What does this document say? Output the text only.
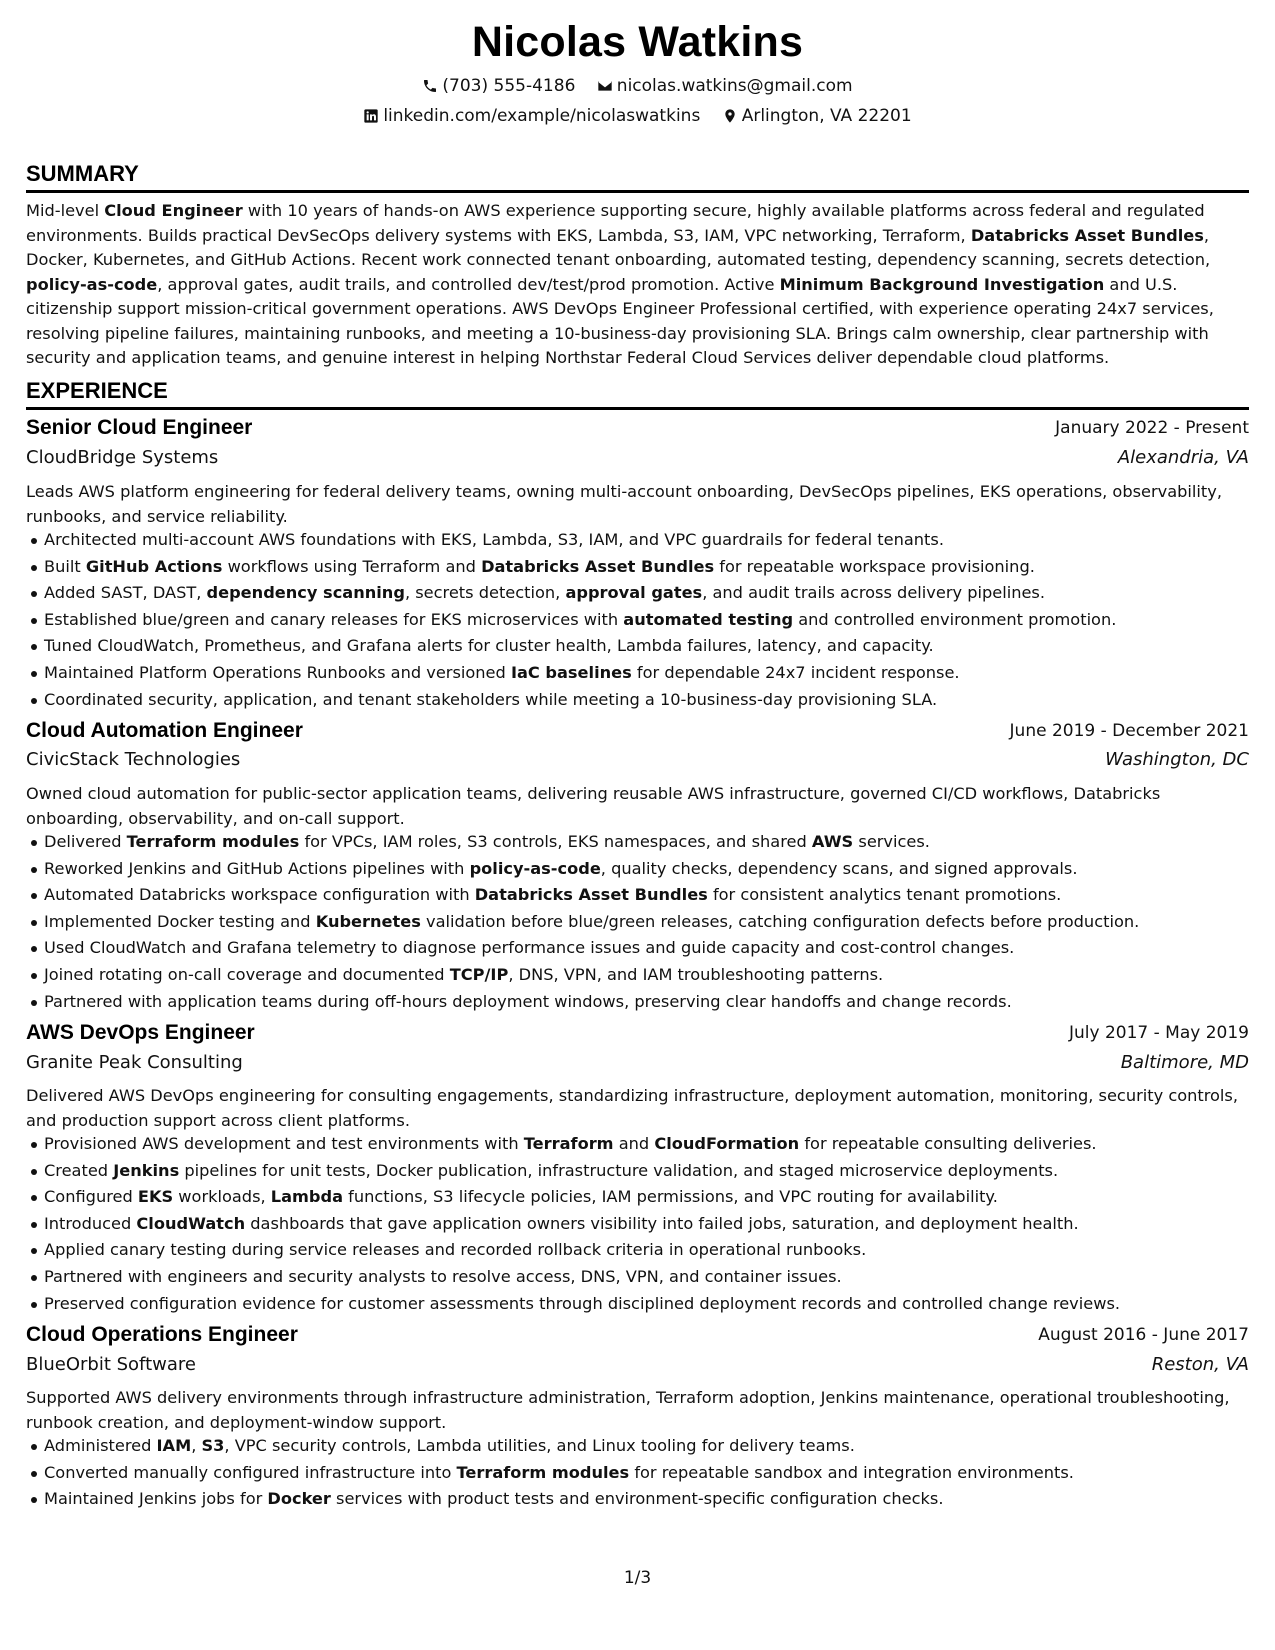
Nicolas Watkins
(703) 555-4186
nicolas.watkins@gmail.com
linkedin.com/example/nicolaswatkins
Arlington, VA 22201
SUMMARY
Mid-level Cloud Engineer with 10 years of hands-on AWS experience supporting secure, highly available platforms across federal and regulated environments. Builds practical DevSecOps delivery systems with EKS, Lambda, S3, IAM, VPC networking, Terraform, Databricks Asset Bundles, Docker, Kubernetes, and GitHub Actions. Recent work connected tenant onboarding, automated testing, dependency scanning, secrets detection, policy-as-code, approval gates, audit trails, and controlled dev/test/prod promotion. Active Minimum Background Investigation and U.S. citizenship support mission-critical government operations. AWS DevOps Engineer Professional certified, with experience operating 24x7 services, resolving pipeline failures, maintaining runbooks, and meeting a 10-business-day provisioning SLA. Brings calm ownership, clear partnership with security and application teams, and genuine interest in helping Northstar Federal Cloud Services deliver dependable cloud platforms.
EXPERIENCE
Senior Cloud Engineer	January 2022 - Present
CloudBridge Systems	Alexandria, VA
Leads AWS platform engineering for federal delivery teams, owning multi-account onboarding, DevSecOps pipelines, EKS operations, observability, runbooks, and service reliability.
Architected multi-account AWS foundations with EKS, Lambda, S3, IAM, and VPC guardrails for federal tenants.
Built GitHub Actions workflows using Terraform and Databricks Asset Bundles for repeatable workspace provisioning.
Added SAST, DAST, dependency scanning, secrets detection, approval gates, and audit trails across delivery pipelines.
Established blue/green and canary releases for EKS microservices with automated testing and controlled environment promotion.
Tuned CloudWatch, Prometheus, and Grafana alerts for cluster health, Lambda failures, latency, and capacity.
Maintained Platform Operations Runbooks and versioned IaC baselines for dependable 24x7 incident response.
Coordinated security, application, and tenant stakeholders while meeting a 10-business-day provisioning SLA.
Cloud Automation Engineer	June 2019 - December 2021
CivicStack Technologies	Washington, DC
Owned cloud automation for public-sector application teams, delivering reusable AWS infrastructure, governed CI/CD workflows, Databricks onboarding, observability, and on-call support.
Delivered Terraform modules for VPCs, IAM roles, S3 controls, EKS namespaces, and shared AWS services.
Reworked Jenkins and GitHub Actions pipelines with policy-as-code, quality checks, dependency scans, and signed approvals.
Automated Databricks workspace configuration with Databricks Asset Bundles for consistent analytics tenant promotions.
Implemented Docker testing and Kubernetes validation before blue/green releases, catching configuration defects before production.
Used CloudWatch and Grafana telemetry to diagnose performance issues and guide capacity and cost-control changes.
Joined rotating on-call coverage and documented TCP/IP, DNS, VPN, and IAM troubleshooting patterns.
Partnered with application teams during off-hours deployment windows, preserving clear handoffs and change records.
AWS DevOps Engineer	July 2017 - May 2019
Granite Peak Consulting	Baltimore, MD
Delivered AWS DevOps engineering for consulting engagements, standardizing infrastructure, deployment automation, monitoring, security controls, and production support across client platforms.
Provisioned AWS development and test environments with Terraform and CloudFormation for repeatable consulting deliveries.
Created Jenkins pipelines for unit tests, Docker publication, infrastructure validation, and staged microservice deployments.
Configured EKS workloads, Lambda functions, S3 lifecycle policies, IAM permissions, and VPC routing for availability.
Introduced CloudWatch dashboards that gave application owners visibility into failed jobs, saturation, and deployment health.
Applied canary testing during service releases and recorded rollback criteria in operational runbooks.
Partnered with engineers and security analysts to resolve access, DNS, VPN, and container issues.
Preserved configuration evidence for customer assessments through disciplined deployment records and controlled change reviews.
Cloud Operations Engineer	August 2016 - June 2017
BlueOrbit Software	Reston, VA
Supported AWS delivery environments through infrastructure administration, Terraform adoption, Jenkins maintenance, operational troubleshooting, runbook creation, and deployment-window support.
Administered IAM, S3, VPC security controls, Lambda utilities, and Linux tooling for delivery teams.
Converted manually configured infrastructure into Terraform modules for repeatable sandbox and integration environments.
Maintained Jenkins jobs for Docker services with product tests and environment-specific configuration checks.
1/3
